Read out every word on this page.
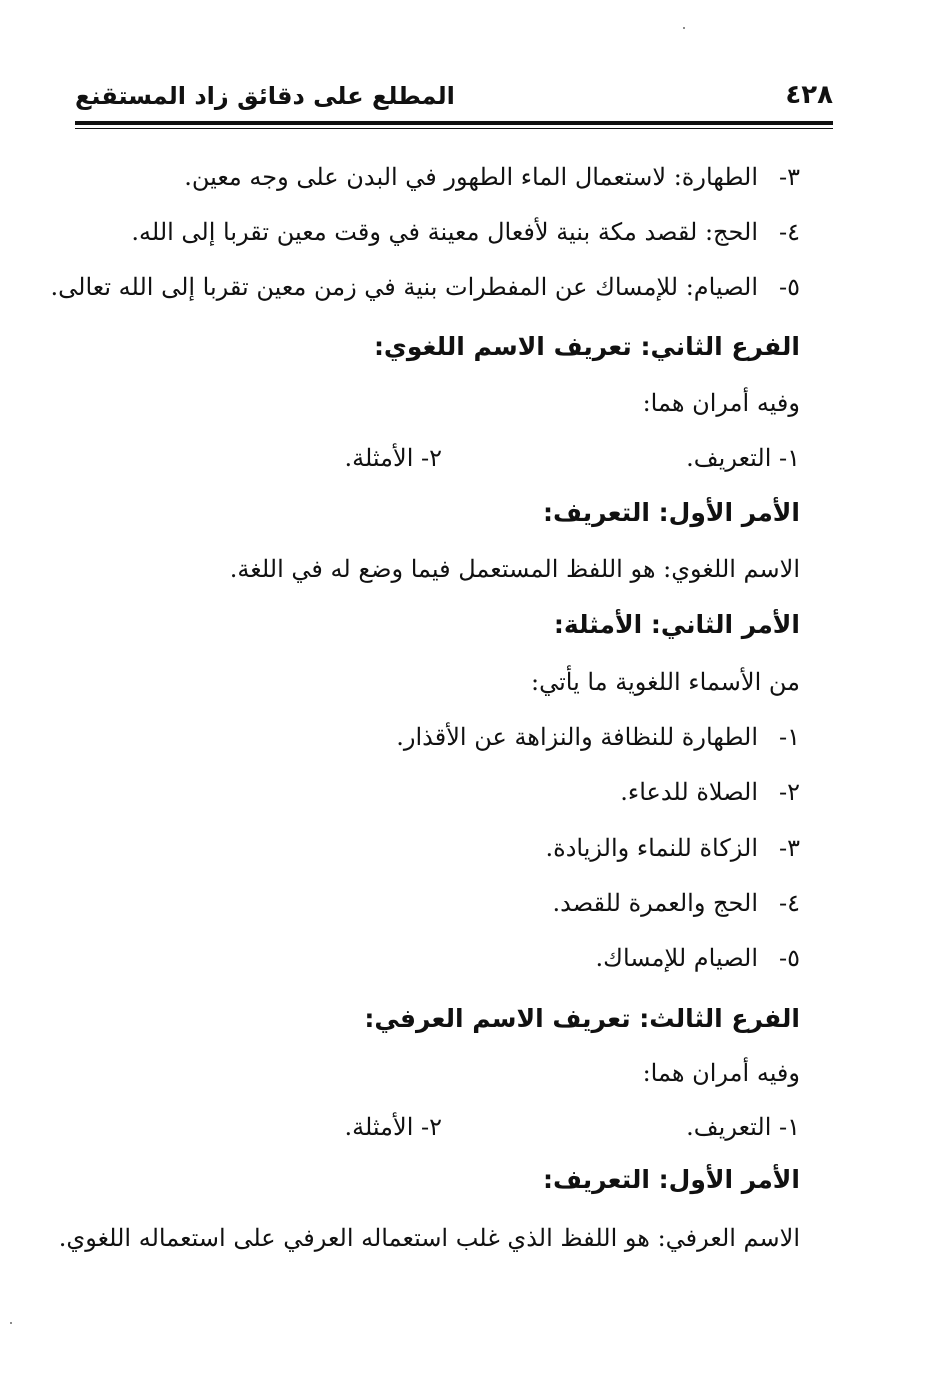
٤٢٨
المطلع على دقائق زاد المستقنع
٣-الطهارة: لاستعمال الماء الطهور في البدن على وجه معين.
٤-الحج: لقصد مكة بنية لأفعال معينة في وقت معين تقربا إلى الله.
٥-الصيام: للإمساك عن المفطرات بنية في زمن معين تقربا إلى الله تعالى.
الفرع الثاني: تعريف الاسم اللغوي:
وفيه أمران هما:
١- التعريف.
٢- الأمثلة.
الأمر الأول: التعريف:
الاسم اللغوي: هو اللفظ المستعمل فيما وضع له في اللغة.
الأمر الثاني: الأمثلة:
من الأسماء اللغوية ما يأتي:
١-الطهارة للنظافة والنزاهة عن الأقذار.
٢-الصلاة للدعاء.
٣-الزكاة للنماء والزيادة.
٤-الحج والعمرة للقصد.
٥-الصيام للإمساك.
الفرع الثالث: تعريف الاسم العرفي:
وفيه أمران هما:
١- التعريف.
٢- الأمثلة.
الأمر الأول: التعريف:
الاسم العرفي: هو اللفظ الذي غلب استعماله العرفي على استعماله اللغوي.
